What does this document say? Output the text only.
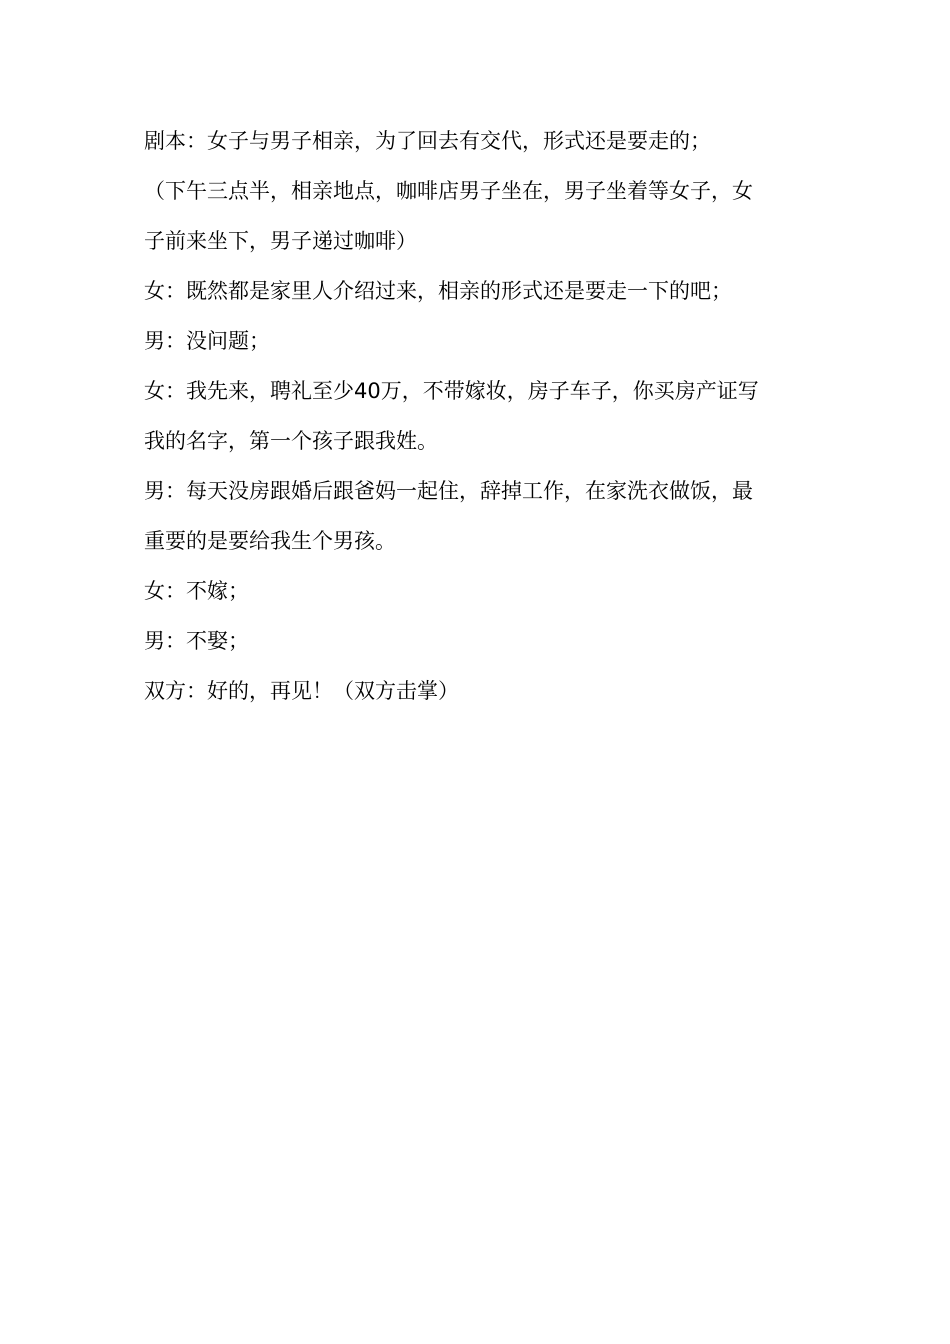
剧本：女子与男子相亲，为了回去有交代，形式还是要走的；
（下午三点半，相亲地点，咖啡店男子坐在，男子坐着等女子，女
子前来坐下，男子递过咖啡）
女：既然都是家里人介绍过来，相亲的形式还是要走一下的吧；
男：没问题；
女：我先来，聘礼至少40万，不带嫁妆，房子车子，你买房产证写
我的名字，第一个孩子跟我姓。
男：每天没房跟婚后跟爸妈一起住，辞掉工作，在家洗衣做饭，最
重要的是要给我生个男孩。
女：不嫁；
男：不娶；
双方：好的，再见！（双方击掌）
